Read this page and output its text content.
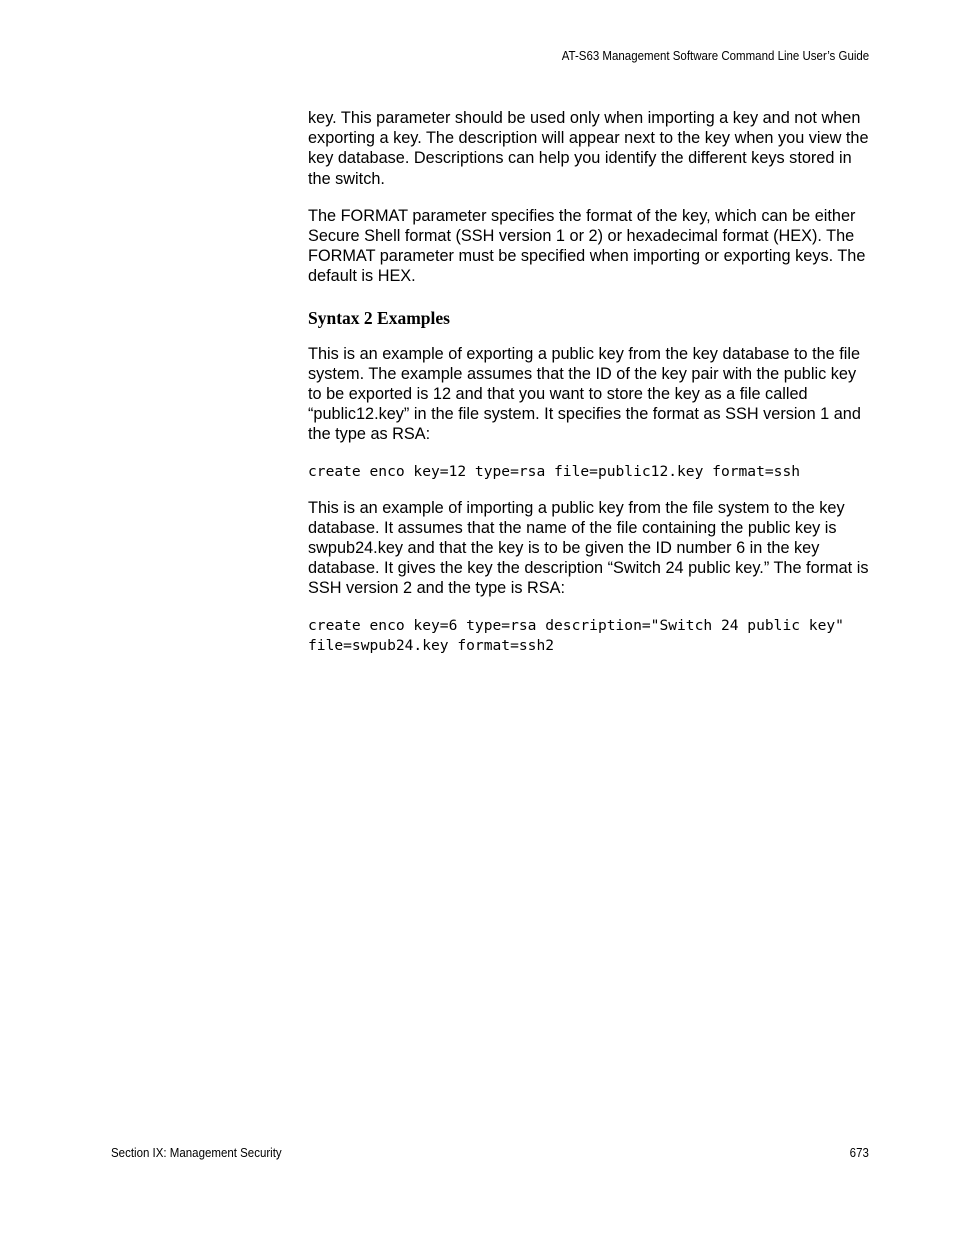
AT-S63 Management Software Command Line User’s Guide

key. This parameter should be used only when importing a key and not when exporting a key. The description will appear next to the key when you view the key database. Descriptions can help you identify the different keys stored in the switch.

The FORMAT parameter specifies the format of the key, which can be either Secure Shell format (SSH version 1 or 2) or hexadecimal format (HEX). The FORMAT parameter must be specified when importing or exporting keys. The default is HEX.

Syntax 2 Examples

This is an example of exporting a public key from the key database to the file system. The example assumes that the ID of the key pair with the public key to be exported is 12 and that you want to store the key as a file called “public12.key” in the file system. It specifies the format as SSH version 1 and the type as RSA:

create enco key=12 type=rsa file=public12.key format=ssh

This is an example of importing a public key from the file system to the key database. It assumes that the name of the file containing the public key is swpub24.key and that the key is to be given the ID number 6 in the key database. It gives the key the description “Switch 24 public key.” The format is SSH version 2 and the type is RSA:

create enco key=6 type=rsa description="Switch 24 public key" file=swpub24.key format=ssh2
Section IX: Management Security	673
